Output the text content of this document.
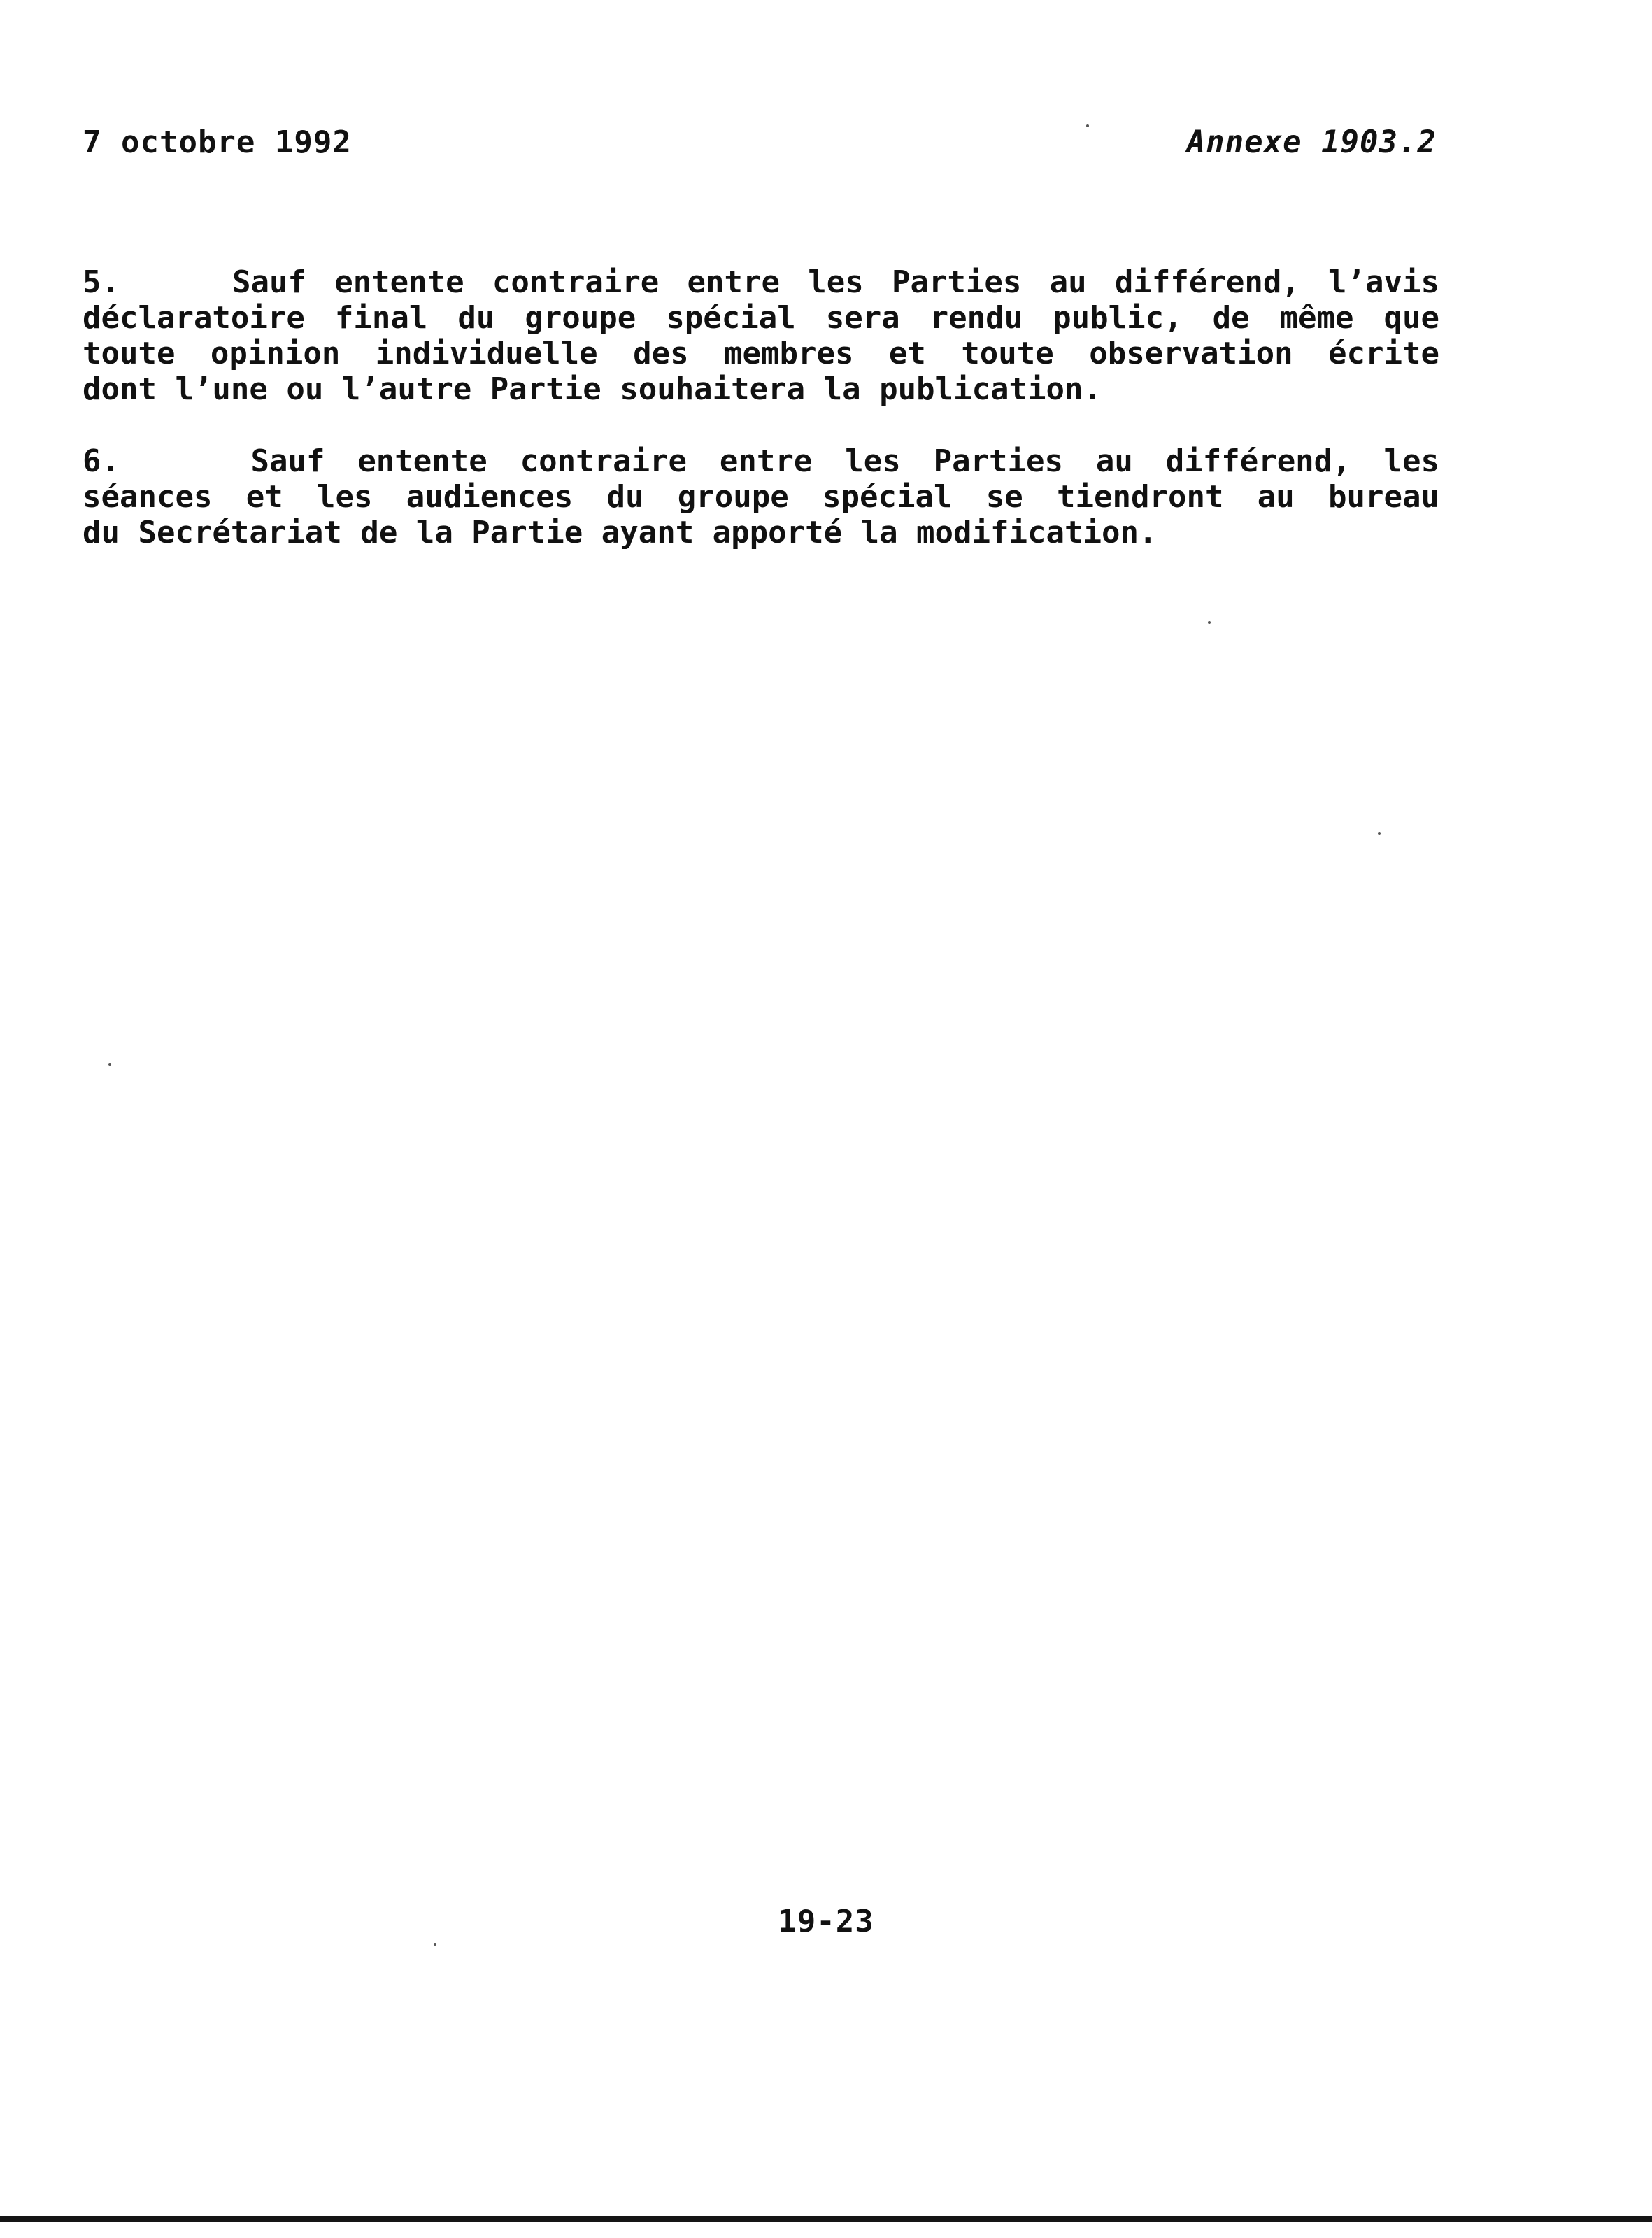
7 octobre 1992	Annexe 1903.2
5.    Sauf entente contraire entre les Parties au différend, l’avis
déclaratoire final du groupe spécial sera rendu public, de même que
toute opinion individuelle des membres et toute observation écrite
dont l’une ou l’autre Partie souhaitera la publication.
6.    Sauf entente contraire entre les Parties au différend, les
séances et les audiences du groupe spécial se tiendront au bureau
du Secrétariat de la Partie ayant apporté la modification.
19-23
